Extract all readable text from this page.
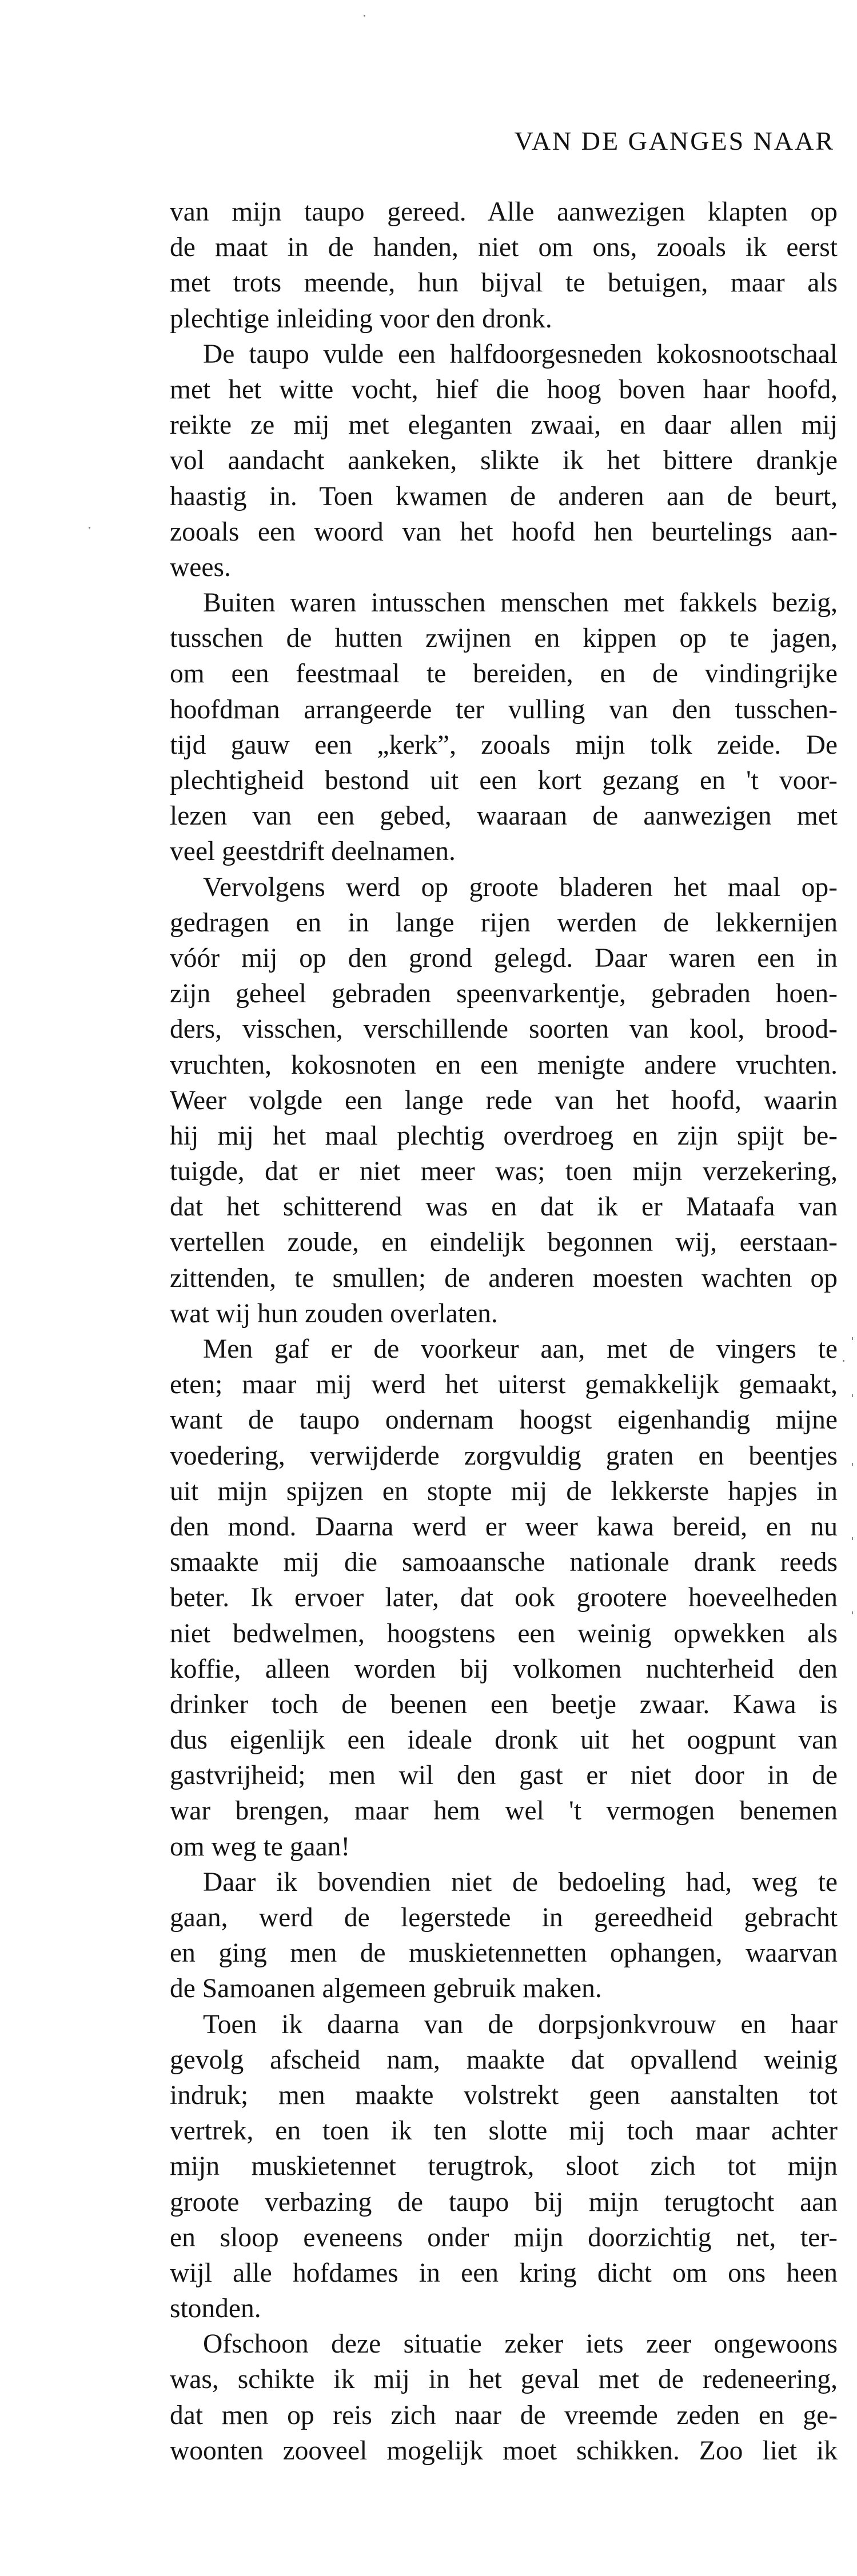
VAN DE GANGES NAAR
van mijn taupo gereed. Alle aanwezigen klapten op
de maat in de handen, niet om ons, zooals ik eerst
met trots meende, hun bijval te betuigen, maar als
plechtige inleiding voor den dronk.
De taupo vulde een halfdoorgesneden kokosnootschaal
met het witte vocht, hief die hoog boven haar hoofd,
reikte ze mij met eleganten zwaai, en daar allen mij
vol aandacht aankeken, slikte ik het bittere drankje
haastig in. Toen kwamen de anderen aan de beurt,
zooals een woord van het hoofd hen beurtelings aan-
wees.
Buiten waren intusschen menschen met fakkels bezig,
tusschen de hutten zwijnen en kippen op te jagen,
om een feestmaal te bereiden, en de vindingrijke
hoofdman arrangeerde ter vulling van den tusschen-
tijd gauw een „kerk”, zooals mijn tolk zeide. De
plechtigheid bestond uit een kort gezang en 't voor-
lezen van een gebed, waaraan de aanwezigen met
veel geestdrift deelnamen.
Vervolgens werd op groote bladeren het maal op-
gedragen en in lange rijen werden de lekkernijen
vóór mij op den grond gelegd. Daar waren een in
zijn geheel gebraden speenvarkentje, gebraden hoen-
ders, visschen, verschillende soorten van kool, brood-
vruchten, kokosnoten en een menigte andere vruchten.
Weer volgde een lange rede van het hoofd, waarin
hij mij het maal plechtig overdroeg en zijn spijt be-
tuigde, dat er niet meer was; toen mijn verzekering,
dat het schitterend was en dat ik er Mataafa van
vertellen zoude, en eindelijk begonnen wij, eerstaan-
zittenden, te smullen; de anderen moesten wachten op
wat wij hun zouden overlaten.
Men gaf er de voorkeur aan, met de vingers te
eten; maar mij werd het uiterst gemakkelijk gemaakt,
want de taupo ondernam hoogst eigenhandig mijne
voedering, verwijderde zorgvuldig graten en beentjes
uit mijn spijzen en stopte mij de lekkerste hapjes in
den mond. Daarna werd er weer kawa bereid, en nu
smaakte mij die samoaansche nationale drank reeds
beter. Ik ervoer later, dat ook grootere hoeveelheden
niet bedwelmen, hoogstens een weinig opwekken als
koffie, alleen worden bij volkomen nuchterheid den
drinker toch de beenen een beetje zwaar. Kawa is
dus eigenlijk een ideale dronk uit het oogpunt van
gastvrijheid; men wil den gast er niet door in de
war brengen, maar hem wel 't vermogen benemen
om weg te gaan!
Daar ik bovendien niet de bedoeling had, weg te
gaan, werd de legerstede in gereedheid gebracht
en ging men de muskietennetten ophangen, waarvan
de Samoanen algemeen gebruik maken.
Toen ik daarna van de dorpsjonkvrouw en haar
gevolg afscheid nam, maakte dat opvallend weinig
indruk; men maakte volstrekt geen aanstalten tot
vertrek, en toen ik ten slotte mij toch maar achter
mijn muskietennet terugtrok, sloot zich tot mijn
groote verbazing de taupo bij mijn terugtocht aan
en sloop eveneens onder mijn doorzichtig net, ter-
wijl alle hofdames in een kring dicht om ons heen
stonden.
Ofschoon deze situatie zeker iets zeer ongewoons
was, schikte ik mij in het geval met de redeneering,
dat men op reis zich naar de vreemde zeden en ge-
woonten zooveel mogelijk moet schikken. Zoo liet ik
